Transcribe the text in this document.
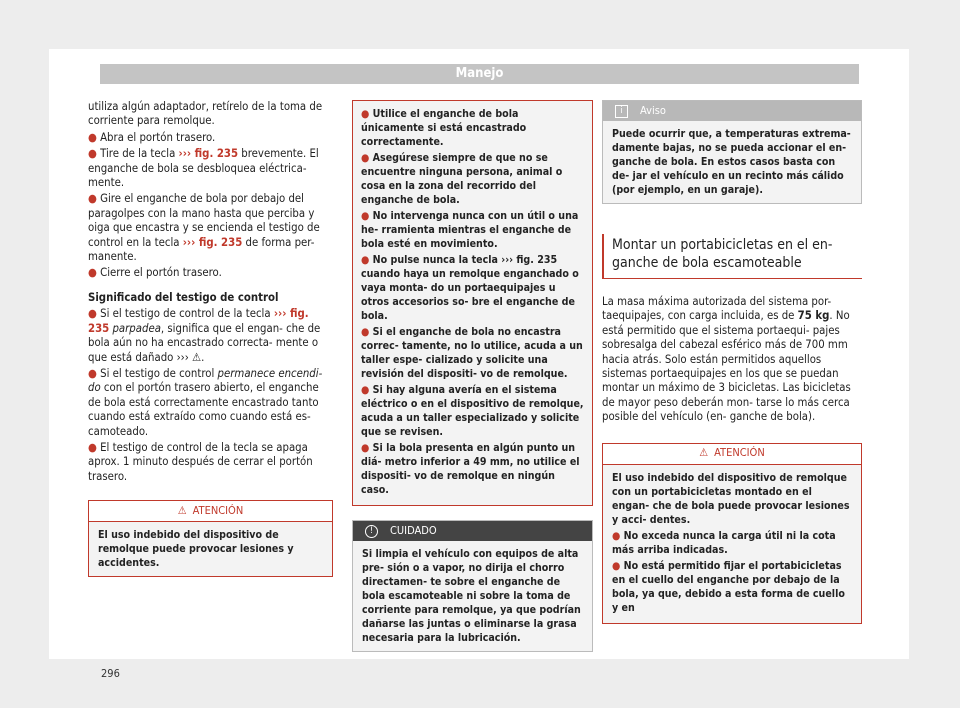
Manejo

utiliza algún adaptador, retírelo de la toma de corriente para remolque.

● Abra el portón trasero.

● Tire de la tecla ››› fig. 235 brevemente. El enganche de bola se desbloquea eléctrica- mente.

● Gire el enganche de bola por debajo del paragolpes con la mano hasta que perciba y oiga que encastra y se encienda el testigo de control en la tecla ››› fig. 235 de forma per- manente.

● Cierre el portón trasero.

Significado del testigo de control

● Si el testigo de control de la tecla ››› fig. 235 parpadea, significa que el engan- che de bola aún no ha encastrado correcta- mente o que está dañado ››› ⚠.

● Si el testigo de control permanece encendi- do con el portón trasero abierto, el enganche de bola está correctamente encastrado tanto cuando está extraído como cuando está es- camoteado.

● El testigo de control de la tecla se apaga aprox. 1 minuto después de cerrar el portón trasero.

⚠ ATENCIÓN
El uso indebido del dispositivo de remolque puede provocar lesiones y accidentes.

● Utilice el enganche de bola únicamente si está encastrado correctamente.

● Asegúrese siempre de que no se encuentre ninguna persona, animal o cosa en la zona del recorrido del enganche de bola.

● No intervenga nunca con un útil o una he- rramienta mientras el enganche de bola esté en movimiento.

● No pulse nunca la tecla ››› fig. 235 cuando haya un remolque enganchado o vaya monta- do un portaequipajes u otros accesorios so- bre el enganche de bola.

● Si el enganche de bola no encastra correc- tamente, no lo utilice, acuda a un taller espe- cializado y solicite una revisión del dispositi- vo de remolque.

● Si hay alguna avería en el sistema eléctrico o en el dispositivo de remolque, acuda a un taller especializado y solicite que se revisen.

● Si la bola presenta en algún punto un diá- metro inferior a 49 mm, no utilice el dispositi- vo de remolque en ningún caso.

!	CUIDADO
Si limpia el vehículo con equipos de alta pre- sión o a vapor, no dirija el chorro directamen- te sobre el enganche de bola escamoteable ni sobre la toma de corriente para remolque, ya que podrían dañarse las juntas o eliminarse la grasa necesaria para la lubricación.
i	Aviso
Puede ocurrir que, a temperaturas extrema- damente bajas, no se pueda accionar el en- ganche de bola. En estos casos basta con de- jar el vehículo en un recinto más cálido (por ejemplo, en un garaje).
Montar un portabicicletas en el en- ganche de bola escamoteable

La masa máxima autorizada del sistema por- taequipajes, con carga incluida, es de 75 kg. No está permitido que el sistema portaequi- pajes sobresalga del cabezal esférico más de 700 mm hacia atrás. Solo están permitidos aquellos sistemas portaequipajes en los que se puedan montar un máximo de 3 bicicletas. Las bicicletas de mayor peso deberán mon- tarse lo más cerca posible del vehículo (en- ganche de bola).

⚠ ATENCIÓN

El uso indebido del dispositivo de remolque con un portabicicletas montado en el engan- che de bola puede provocar lesiones y acci- dentes.

● No exceda nunca la carga útil ni la cota más arriba indicadas.

● No está permitido fijar el portabicicletas en el cuello del enganche por debajo de la bola, ya que, debido a esta forma de cuello y en

296
